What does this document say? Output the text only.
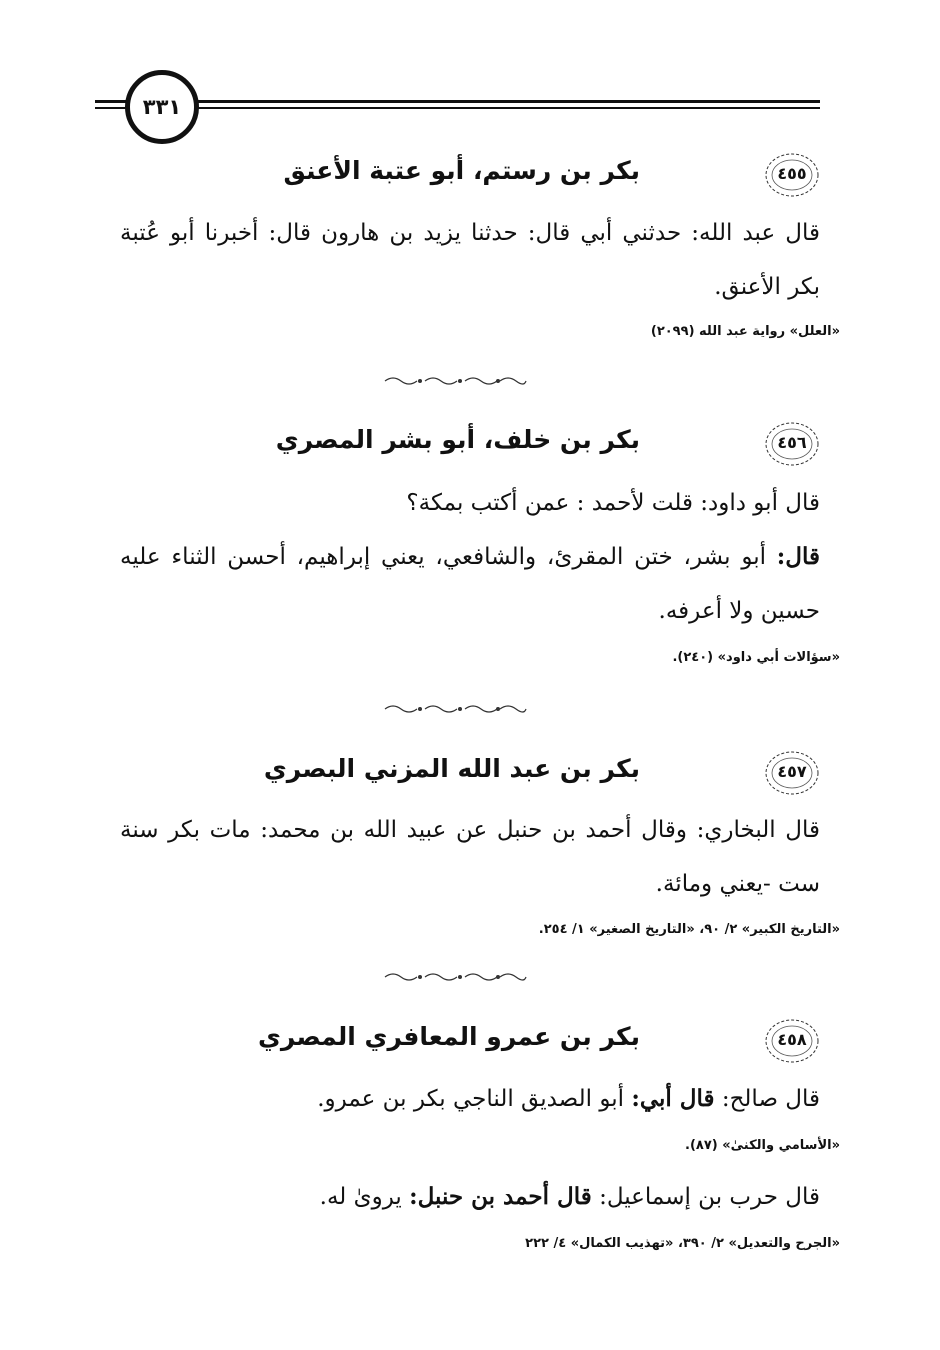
٣٣١
٤٥٥
بكر بن رستم، أبو عتبة الأعنق
قال عبد الله: حدثني أبي قال: حدثنا يزيد بن هارون قال: أخبرنا أبو عُتبة بكر الأعنق.
«العلل» رواية عبد الله (٢٠٩٩)
٤٥٦
بكر بن خلف، أبو بشر المصري
قال أبو داود: قلت لأحمد : عمن أكتب بمكة؟
قال: أبو بشر، ختن المقرئ، والشافعي، يعني إبراهيم، أحسن الثناء عليه حسين ولا أعرفه.
«سؤالات أبي داود» (٢٤٠).
٤٥٧
بكر بن عبد الله المزني البصري
قال البخاري: وقال أحمد بن حنبل عن عبيد الله بن محمد: مات بكر سنة ست -يعني ومائة.
«التاريخ الكبير» ٢/ ٩٠، «التاريخ الصغير» ١/ ٢٥٤.
٤٥٨
بكر بن عمرو المعافري المصري
قال صالح: قال أبي: أبو الصديق الناجي بكر بن عمرو.
«الأسامي والكنىٰ» (٨٧).
قال حرب بن إسماعيل: قال أحمد بن حنبل: يروىٰ له.
«الجرح والتعديل» ٢/ ٣٩٠، «تهذيب الكمال» ٤/ ٢٢٢
